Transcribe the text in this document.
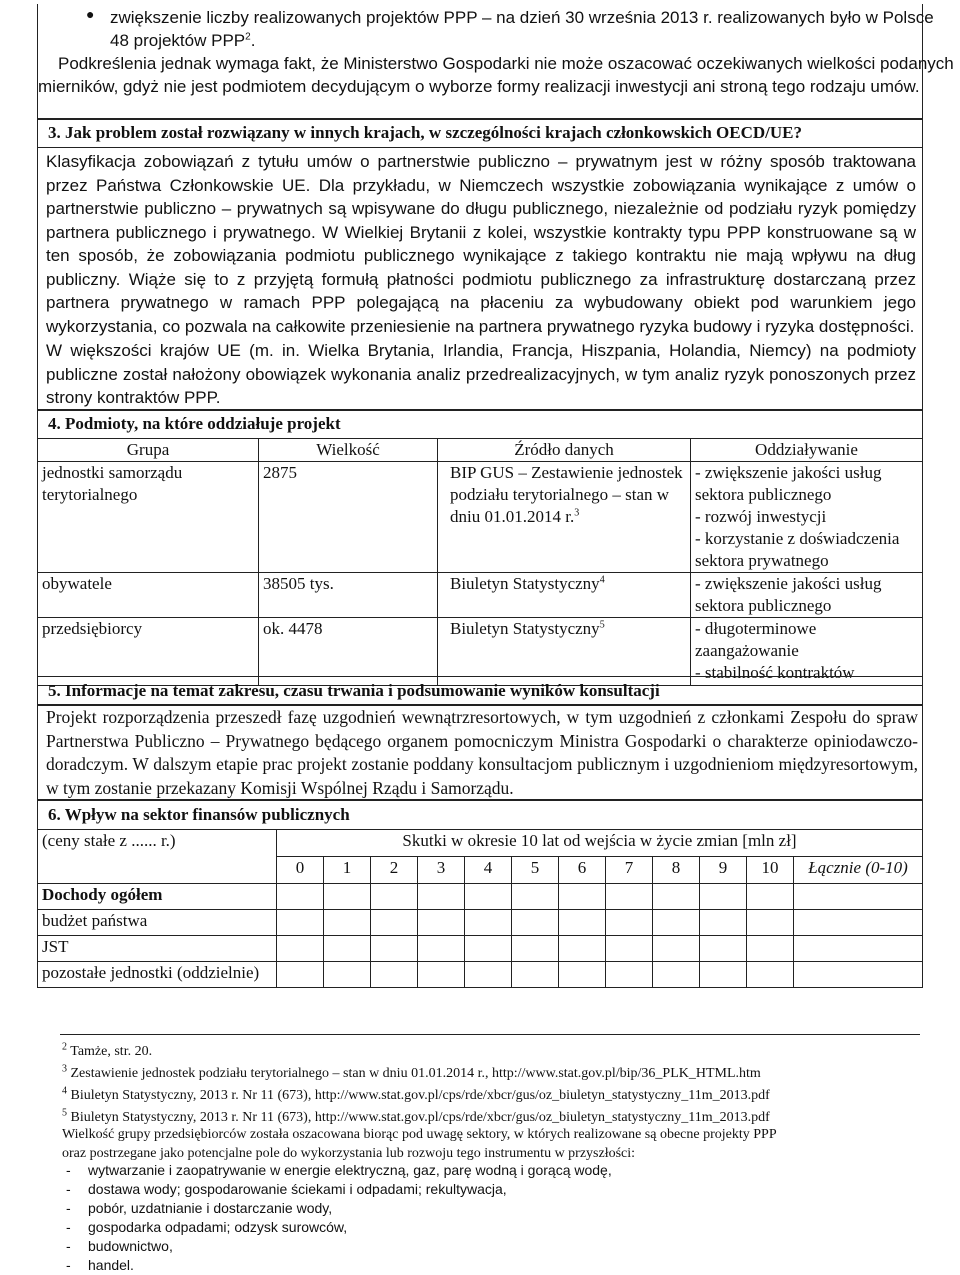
● zwiększenie liczby realizowanych projektów PPP – na dzień 30 września 2013 r. realizowanych było w Polsce
48 projektów PPP$^2$.
Podkreślenia jednak wymaga fakt, że Ministerstwo Gospodarki nie może oszacować oczekiwanych wielkości podanych
mierników, gdyż nie jest podmiotem decydującym o wyborze formy realizacji inwestycji ani stroną tego rodzaju umów.
3. Jak problem został rozwiązany w innych krajach, w szczególności krajach członkowskich OECD/UE?
Klasyfikacja zobowiązań z tytułu umów o partnerstwie publiczno – prywatnym jest w różny sposób traktowana przez Państwa Członkowskie UE. Dla przykładu, w Niemczech wszystkie zobowiązania wynikające z umów o partnerstwie publiczno – prywatnych są wpisywane do długu publicznego, niezależnie od podziału ryzyk pomiędzy partnera publicznego i prywatnego. W Wielkiej Brytanii z kolei, wszystkie kontrakty typu PPP konstruowane są w ten sposób, że zobowiązania podmiotu publicznego wynikające z takiego kontraktu nie mają wpływu na dług publiczny. Wiąże się to z przyjętą formułą płatności podmiotu publicznego za infrastrukturę dostarczaną przez partnera prywatnego w ramach PPP polegającą na płaceniu za wybudowany obiekt pod warunkiem jego wykorzystania, co pozwala na całkowite przeniesienie na partnera prywatnego ryzyka budowy i ryzyka dostępności.
W większości krajów UE (m. in. Wielka Brytania, Irlandia, Francja, Hiszpania, Holandia, Niemcy) na podmioty publiczne został nałożony obowiązek wykonania analiz przedrealizacyjnych, w tym analiz ryzyk ponoszonych przez strony kontraktów PPP.
4. Podmioty, na które oddziałuje projekt
Grupa	Wielkość	Źródło danych	Oddziaływanie
jednostki samorządu terytorialnego	2875	BIP GUS – Zestawienie jednostek podziału terytorialnego – stan w dniu 01.01.2014 r.$^3$	- zwiększenie jakości usług sektora publicznego
- rozwój inwestycji
- korzystanie z doświadczenia sektora prywatnego

obywatele	38505 tys.	Biuletyn Statystyczny$^4$	- zwiększenie jakości usług sektora publicznego

przedsiębiorcy	ok. 4478	Biuletyn Statystyczny$^5$	- długoterminowe zaangażowanie
- stabilność kontraktów
5. Informacje na temat zakresu, czasu trwania i podsumowanie wyników konsultacji
Projekt rozporządzenia przeszedł fazę uzgodnień wewnątrzresortowych, w tym uzgodnień z członkami Zespołu do spraw Partnerstwa Publiczno – Prywatnego będącego organem pomocniczym Ministra Gospodarki o charakterze opiniodawczo-doradczym. W dalszym etapie prac projekt zostanie poddany konsultacjom publicznym i uzgodnieniom międzyresortowym, w tym zostanie przekazany Komisji Wspólnej Rządu i Samorządu.
6. Wpływ na sektor finansów publicznych
(ceny stałe z ...... r.)	Skutki w okresie 10 lat od wejścia w życie zmian [mln zł]											
	0	1	2	3	4	5	6	7	8	9	10	Łącznie (0-10)
Dochody ogółem												
budżet państwa												
JST												
pozostałe jednostki (oddzielnie)												
$^2$ Tamże, str. 20.
$^3$ Zestawienie jednostek podziału terytorialnego – stan w dniu 01.01.2014 r., http://www.stat.gov.pl/bip/36_PLK_HTML.htm
$^4$ Biuletyn Statystyczny, 2013 r. Nr 11 (673), http://www.stat.gov.pl/cps/rde/xbcr/gus/oz_biuletyn_statystyczny_11m_2013.pdf
$^5$ Biuletyn Statystyczny, 2013 r. Nr 11 (673), http://www.stat.gov.pl/cps/rde/xbcr/gus/oz_biuletyn_statystyczny_11m_2013.pdf
Wielkość grupy przedsiębiorców została oszacowana biorąc pod uwagę sektory, w których realizowane są obecne projekty PPP
oraz postrzegane jako potencjalne pole do wykorzystania lub rozwoju tego instrumentu w przyszłości:
- wytwarzanie i zaopatrywanie w energie elektryczną, gaz, parę wodną i gorącą wodę,
- dostawa wody; gospodarowanie ściekami i odpadami; rekultywacja,
- pobór, uzdatnianie i dostarczanie wody,
- gospodarka odpadami; odzysk surowców,
- budownictwo,
- handel.
